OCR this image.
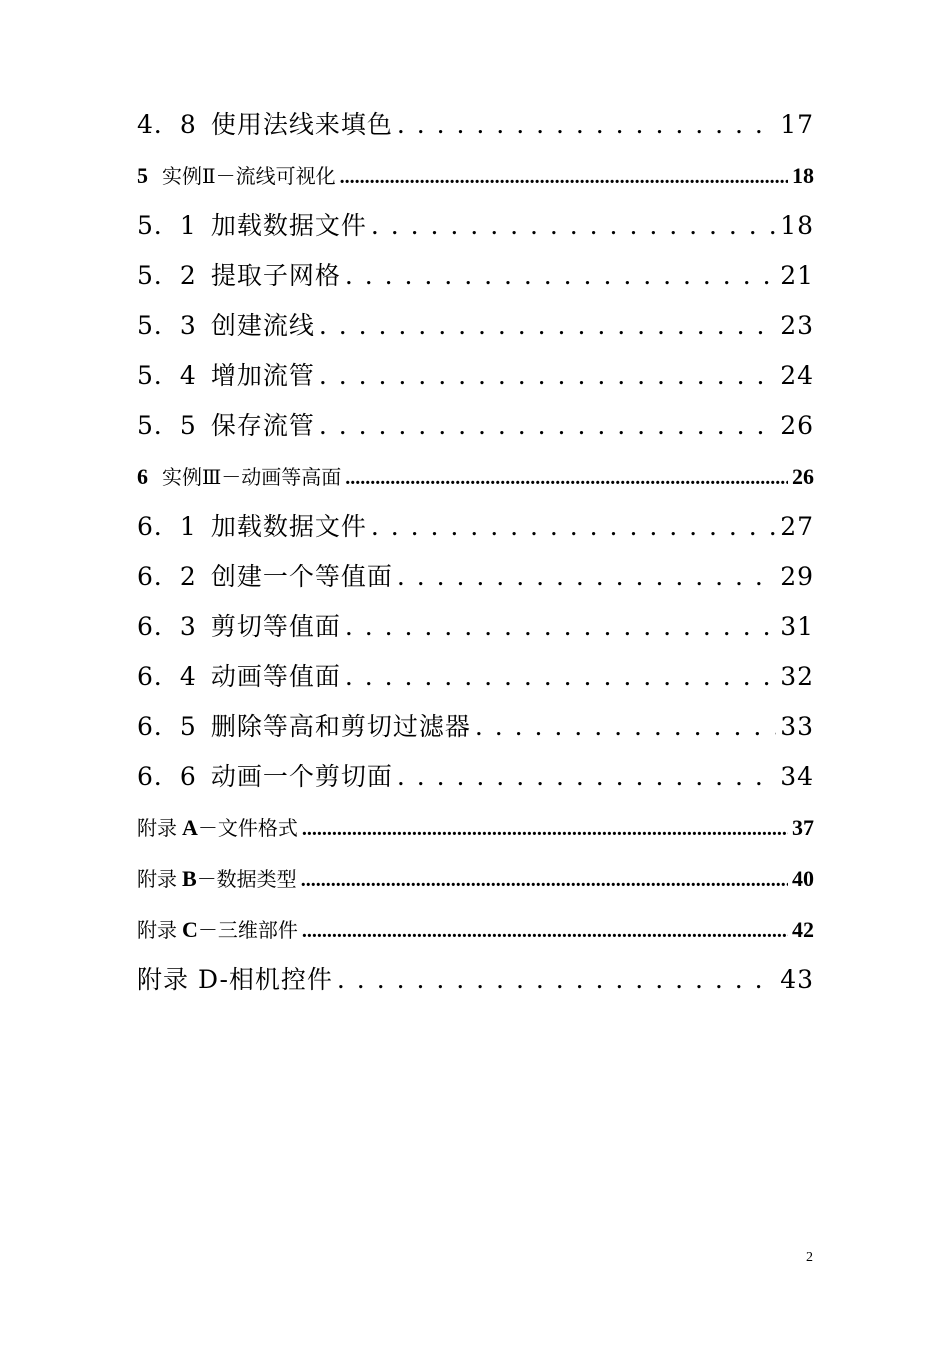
4．8 使用法线来填色 . . .	17
5 实例Ⅱ－流线可视化 .....	18
5．1 加载数据文件 . . .	18
5．2 提取子网格 . . .	21
5．3 创建流线 . . .	23
5．4 增加流管 . . .	24
5．5 保存流管 . . .	26
6 实例Ⅲ－动画等高面 .....	26
6．1 加载数据文件 . . .	27
6．2 创建一个等值面 . . .	29
6．3 剪切等值面 . . .	31
6．4 动画等值面 . . .	32
6．5 删除等高和剪切过滤器 . . .	33
6．6 动画一个剪切面 . . .	34
附录 A －文件格式 .....	37
附录 B －数据类型 .....	40
附录 C －三维部件 .....	42
附录 D-相机控件 . . .	43
2
